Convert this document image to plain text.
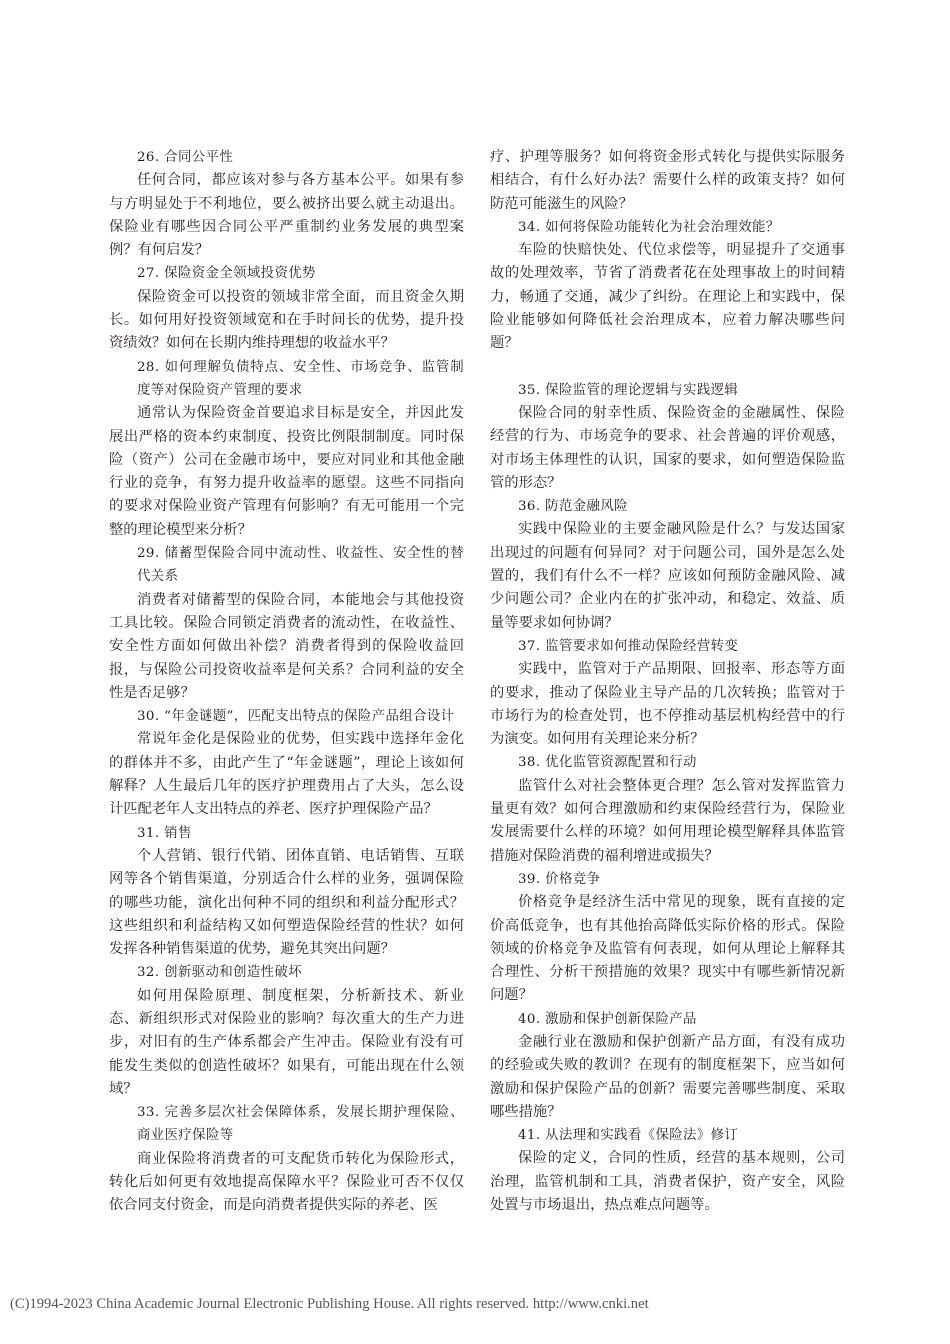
26. 合同公平性

任何合同，都应该对参与各方基本公平。如果有参与方明显处于不利地位，要么被挤出要么就主动退出。保险业有哪些因合同公平严重制约业务发展的典型案例？有何启发？

27. 保险资金全领域投资优势

保险资金可以投资的领域非常全面，而且资金久期长。如何用好投资领域宽和在手时间长的优势，提升投资绩效？如何在长期内维持理想的收益水平？

28. 如何理解负债特点、安全性、市场竞争、监管制度等对保险资产管理的要求

通常认为保险资金首要追求目标是安全，并因此发展出严格的资本约束制度、投资比例限制制度。同时保险（资产）公司在金融市场中，要应对同业和其他金融行业的竞争，有努力提升收益率的愿望。这些不同指向的要求对保险业资产管理有何影响？有无可能用一个完整的理论模型来分析？

29. 储蓄型保险合同中流动性、收益性、安全性的替代关系

消费者对储蓄型的保险合同，本能地会与其他投资工具比较。保险合同锁定消费者的流动性，在收益性、安全性方面如何做出补偿？消费者得到的保险收益回报，与保险公司投资收益率是何关系？合同利益的安全性是否足够？

30. “年金谜题”，匹配支出特点的保险产品组合设计

常说年金化是保险业的优势，但实践中选择年金化的群体并不多，由此产生了“年金谜题”，理论上该如何解释？人生最后几年的医疗护理费用占了大头，怎么设计匹配老年人支出特点的养老、医疗护理保险产品？

31. 销售

个人营销、银行代销、团体直销、电话销售、互联网等各个销售渠道，分别适合什么样的业务，强调保险的哪些功能，演化出何种不同的组织和利益分配形式？这些组织和利益结构又如何塑造保险经营的性状？如何发挥各种销售渠道的优势，避免其突出问题？

32. 创新驱动和创造性破坏

如何用保险原理、制度框架，分析新技术、新业态、新组织形式对保险业的影响？每次重大的生产力进步，对旧有的生产体系都会产生冲击。保险业有没有可能发生类似的创造性破坏？如果有，可能出现在什么领域？

33. 完善多层次社会保障体系，发展长期护理保险、商业医疗保险等

商业保险将消费者的可支配货币转化为保险形式，转化后如何更有效地提高保障水平？保险业可否不仅仅依合同支付资金，而是向消费者提供实际的养老、医

疗、护理等服务？如何将资金形式转化与提供实际服务相结合，有什么好办法？需要什么样的政策支持？如何防范可能滋生的风险？

34. 如何将保险功能转化为社会治理效能？

车险的快赔快处、代位求偿等，明显提升了交通事故的处理效率，节省了消费者花在处理事故上的时间精力，畅通了交通，减少了纠纷。在理论上和实践中，保险业能够如何降低社会治理成本，应着力解决哪些问题？

35. 保险监管的理论逻辑与实践逻辑

保险合同的射幸性质、保险资金的金融属性、保险经营的行为、市场竞争的要求、社会普遍的评价观感，对市场主体理性的认识，国家的要求，如何塑造保险监管的形态？

36. 防范金融风险

实践中保险业的主要金融风险是什么？与发达国家出现过的问题有何异同？对于问题公司，国外是怎么处置的，我们有什么不一样？应该如何预防金融风险、减少问题公司？企业内在的扩张冲动，和稳定、效益、质量等要求如何协调？

37. 监管要求如何推动保险经营转变

实践中，监管对于产品期限、回报率、形态等方面的要求，推动了保险业主导产品的几次转换；监管对于市场行为的检查处罚，也不停推动基层机构经营中的行为演变。如何用有关理论来分析？

38. 优化监管资源配置和行动

监管什么对社会整体更合理？怎么管对发挥监管力量更有效？如何合理激励和约束保险经营行为，保险业发展需要什么样的环境？如何用理论模型解释具体监管措施对保险消费的福利增进或损失？

39. 价格竞争

价格竞争是经济生活中常见的现象，既有直接的定价高低竞争，也有其他抬高降低实际价格的形式。保险领域的价格竞争及监管有何表现，如何从理论上解释其合理性、分析干预措施的效果？现实中有哪些新情况新问题？

40. 激励和保护创新保险产品

金融行业在激励和保护创新产品方面，有没有成功的经验或失败的教训？在现有的制度框架下，应当如何激励和保护保险产品的创新？需要完善哪些制度、采取哪些措施？

41. 从法理和实践看《保险法》修订

保险的定义，合同的性质，经营的基本规则，公司治理，监管机制和工具，消费者保护，资产安全，风险处置与市场退出，热点难点问题等。

(C)1994-2023 China Academic Journal Electronic Publishing House. All rights reserved. http://www.cnki.net
